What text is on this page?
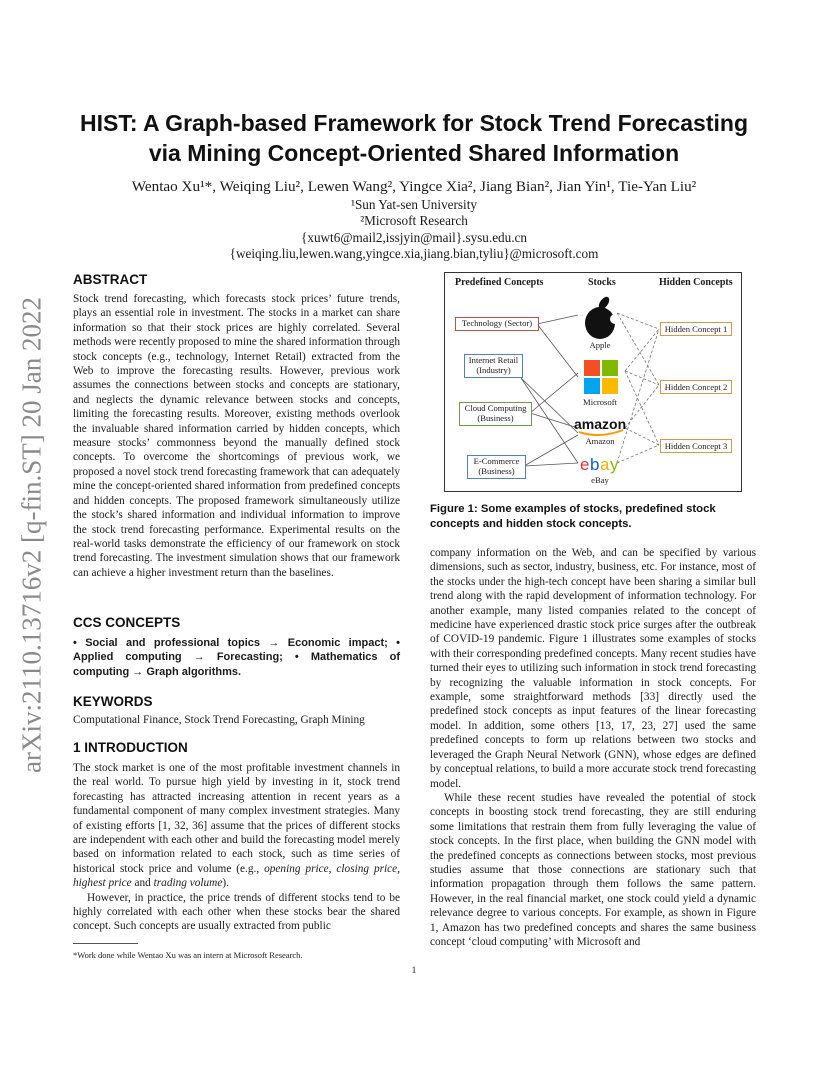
arXiv:2110.13716v2 [q-fin.ST] 20 Jan 2022
HIST: A Graph-based Framework for Stock Trend Forecasting
via Mining Concept-Oriented Shared Information
Wentao Xu¹*, Weiqing Liu², Lewen Wang², Yingce Xia², Jiang Bian², Jian Yin¹, Tie-Yan Liu²
¹Sun Yat-sen University
²Microsoft Research
{xuwt6@mail2,issjyin@mail}.sysu.edu.cn
{weiqing.liu,lewen.wang,yingce.xia,jiang.bian,tyliu}@microsoft.com
ABSTRACT
Stock trend forecasting, which forecasts stock prices’ future trends, plays an essential role in investment. The stocks in a market can share information so that their stock prices are highly correlated. Several methods were recently proposed to mine the shared information through stock concepts (e.g., technology, Internet Retail) extracted from the Web to improve the forecasting results. However, previous work assumes the connections between stocks and concepts are stationary, and neglects the dynamic relevance between stocks and concepts, limiting the forecasting results. Moreover, existing methods overlook the invaluable shared information carried by hidden concepts, which measure stocks’ commonness beyond the manually defined stock concepts. To overcome the shortcomings of previous work, we proposed a novel stock trend forecasting framework that can adequately mine the concept-oriented shared information from predefined concepts and hidden concepts. The proposed framework simultaneously utilize the stock’s shared information and individual information to improve the stock trend forecasting performance. Experimental results on the real-world tasks demonstrate the efficiency of our framework on stock trend forecasting. The investment simulation shows that our framework can achieve a higher investment return than the baselines.
CCS CONCEPTS
• Social and professional topics → Economic impact; • Applied computing → Forecasting; • Mathematics of computing → Graph algorithms.
KEYWORDS
Computational Finance, Stock Trend Forecasting, Graph Mining
1 INTRODUCTION

The stock market is one of the most profitable investment channels in the real world. To pursue high yield by investing in it, stock trend forecasting has attracted increasing attention in recent years as a fundamental component of many complex investment strategies. Many of existing efforts [1, 32, 36] assume that the prices of different stocks are independent with each other and build the forecasting model merely based on information related to each stock, such as time series of historical stock price and volume (e.g., opening price, closing price, highest price and trading volume).

However, in practice, the price trends of different stocks tend to be highly correlated with each other when these stocks bear the shared concept. Such concepts are usually extracted from public

*Work done while Wentao Xu was an intern at Microsoft Research.
Predefined Concepts	Stocks	Hidden Concepts
amazon
e b a y
Technology (Sector)
Internet Retail
(Industry)
Cloud Computing
(Business)
E-Commerce
(Business)
Apple
Microsoft
Amazon
eBay
Hidden Concept 1
Hidden Concept 2
Hidden Concept 3
Figure 1: Some examples of stocks, predefined stock concepts and hidden stock concepts.

company information on the Web, and can be specified by various dimensions, such as sector, industry, business, etc. For instance, most of the stocks under the high-tech concept have been sharing a similar bull trend along with the rapid development of information technology. For another example, many listed companies related to the concept of medicine have experienced drastic stock price surges after the outbreak of COVID-19 pandemic. Figure 1 illustrates some examples of stocks with their corresponding predefined concepts. Many recent studies have turned their eyes to utilizing such information in stock trend forecasting by recognizing the valuable information in stock concepts. For example, some straightforward methods [33] directly used the predefined stock concepts as input features of the linear forecasting model. In addition, some others [13, 17, 23, 27] used the same predefined concepts to form up relations between two stocks and leveraged the Graph Neural Network (GNN), whose edges are defined by conceptual relations, to build a more accurate stock trend forecasting model.

While these recent studies have revealed the potential of stock concepts in boosting stock trend forecasting, they are still enduring some limitations that restrain them from fully leveraging the value of stock concepts. In the first place, when building the GNN model with the predefined concepts as connections between stocks, most previous studies assume that those connections are stationary such that information propagation through them follows the same pattern. However, in the real financial market, one stock could yield a dynamic relevance degree to various concepts. For example, as shown in Figure 1, Amazon has two predefined concepts and shares the same business concept ‘cloud computing’ with Microsoft and

1
